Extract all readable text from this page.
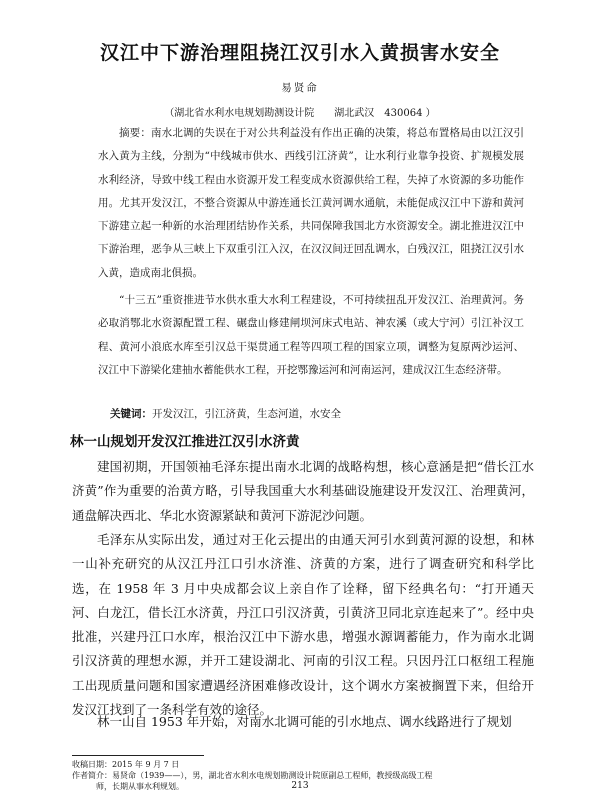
汉江中下游治理阻挠江汉引水入黄损害水安全
易贤命
（湖北省水利水电规划勘测设计院　　湖北武汉　430064 ）

摘要：南水北调的失误在于对公共利益没有作出正确的决策，将总布置格局由以江汉引水入黄为主线，分割为“中线城市供水、西线引江济黄”，让水利行业靠争投资、扩规模发展水利经济，导致中线工程由水资源开发工程变成水资源供给工程，失掉了水资源的多功能作用。尤其开发汉江，不整合资源从中游连通长江黄河调水通航，未能促成汉江中下游和黄河下游建立起一种新的水治理团结协作关系，共同保障我国北方水资源安全。湖北推进汉江中下游治理，恶争从三峡上下双重引江入汉，在汉汉间迂回乱调水，白残汉江，阻挠江汉引水入黄，造成南北俱损。

“十三五”重资推进节水供水重大水利工程建设，不可持续扭乱开发汉江、治理黄河。务必取消鄂北水资源配置工程、碾盘山修建闸坝河床式电站、神农溪（或大宁河）引江补汉工程、黄河小浪底水库至引汉总干渠贯通工程等四项工程的国家立项，调整为复原两沙运河、汉江中下游梁化建抽水蓄能供水工程，开挖鄂豫运河和河南运河，建成汉江生态经济带。

关键词：开发汉江，引江济黄，生态河道，水安全
林一山规划开发汉江推进江汉引水济黄

建国初期，开国领袖毛泽东提出南水北调的战略构想，核心意涵是把“借长江水济黄”作为重要的治黄方略，引导我国重大水利基础设施建设开发汉江、治理黄河，通盘解决西北、华北水资源紧缺和黄河下游泥沙问题。

毛泽东从实际出发，通过对王化云提出的由通天河引水到黄河源的设想，和林一山补充研究的从汉江丹江口引水济淮、济黄的方案，进行了调查研究和科学比选，在 1958 年 3 月中央成都会议上亲自作了诠释，留下经典名句：“打开通天河、白龙江，借长江水济黄，丹江口引汉济黄，引黄济卫同北京连起来了”。经中央批准，兴建丹江口水库，根治汉江中下游水患，增强水源调蓄能力，作为南水北调引汉济黄的理想水源，并开工建设湖北、河南的引汉工程。只因丹江口枢纽工程施工出现质量问题和国家遭遇经济困难修改设计，这个调水方案被搁置下来，但给开发汉江找到了一条科学有效的途径。

林一山自 1953 年开始，对南水北调可能的引水地点、调水线路进行了规划

收稿日期：2015 年 9 月 7 日
作者简介：易贤命（1939——），男，湖北省水利水电规划勘测设计院原副总工程师，教授级高级工程
师，长期从事水利规划。	213
